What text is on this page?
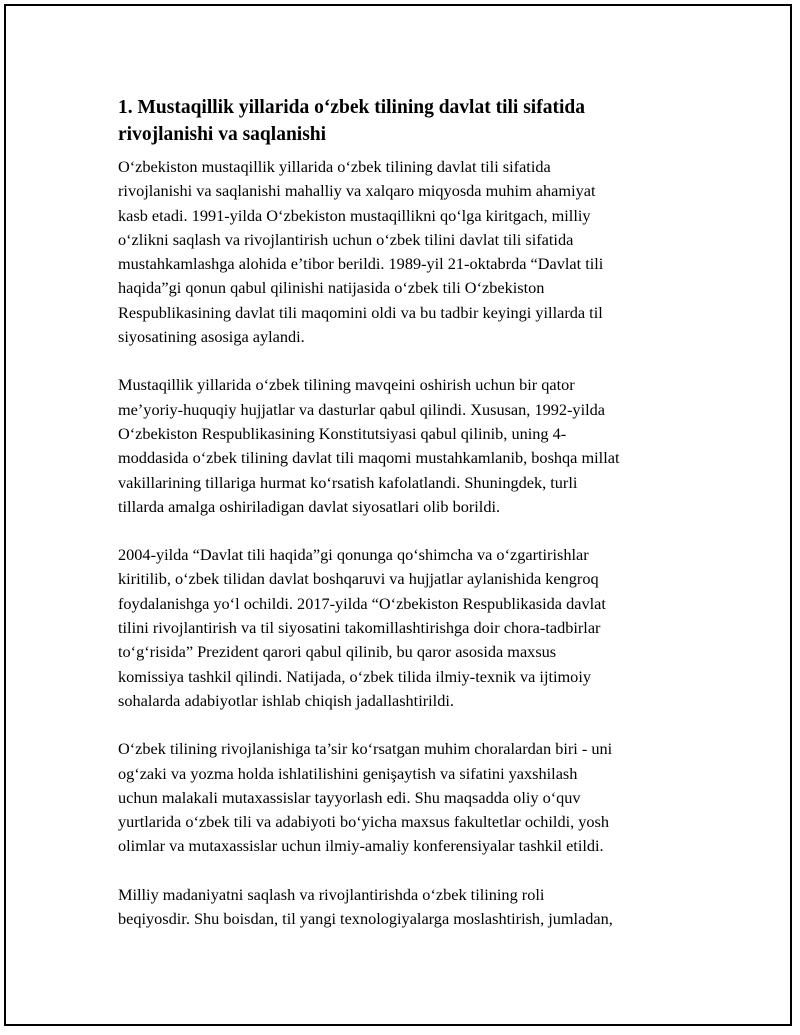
1. Mustaqillik yillarida o‘zbek tilining davlat tili sifatida
rivojlanishi va saqlanishi
O‘zbekiston mustaqillik yillarida o‘zbek tilining davlat tili sifatida
rivojlanishi va saqlanishi mahalliy va xalqaro miqyosda muhim ahamiyat
kasb etadi. 1991-yilda O‘zbekiston mustaqillikni qo‘lga kiritgach, milliy
o‘zlikni saqlash va rivojlantirish uchun o‘zbek tilini davlat tili sifatida
mustahkamlashga alohida e’tibor berildi. 1989-yil 21-oktabrda “Davlat tili
haqida”gi qonun qabul qilinishi natijasida o‘zbek tili O‘zbekiston
Respublikasining davlat tili maqomini oldi va bu tadbir keyingi yillarda til
siyosatining asosiga aylandi.
Mustaqillik yillarida o‘zbek tilining mavqeini oshirish uchun bir qator
me’yoriy-huquqiy hujjatlar va dasturlar qabul qilindi. Xususan, 1992-yilda
O‘zbekiston Respublikasining Konstitutsiyasi qabul qilinib, uning 4-
moddasida o‘zbek tilining davlat tili maqomi mustahkamlanib, boshqa millat
vakillarining tillariga hurmat ko‘rsatish kafolatlandi. Shuningdek, turli
tillarda amalga oshiriladigan davlat siyosatlari olib borildi.
2004-yilda “Davlat tili haqida”gi qonunga qo‘shimcha va o‘zgartirishlar
kiritilib, o‘zbek tilidan davlat boshqaruvi va hujjatlar aylanishida kengroq
foydalanishga yo‘l ochildi. 2017-yilda “O‘zbekiston Respublikasida davlat
tilini rivojlantirish va til siyosatini takomillashtirishga doir chora-tadbirlar
to‘g‘risida” Prezident qarori qabul qilinib, bu qaror asosida maxsus
komissiya tashkil qilindi. Natijada, o‘zbek tilida ilmiy-texnik va ijtimoiy
sohalarda adabiyotlar ishlab chiqish jadallashtirildi.
O‘zbek tilining rivojlanishiga ta’sir ko‘rsatgan muhim choralardan biri - uni
og‘zaki va yozma holda ishlatilishini genişaytish va sifatini yaxshilash
uchun malakali mutaxassislar tayyorlash edi. Shu maqsadda oliy o‘quv
yurtlarida o‘zbek tili va adabiyoti bo‘yicha maxsus fakultetlar ochildi, yosh
olimlar va mutaxassislar uchun ilmiy-amaliy konferensiyalar tashkil etildi.
Milliy madaniyatni saqlash va rivojlantirishda o‘zbek tilining roli
beqiyosdir. Shu boisdan, til yangi texnologiyalarga moslashtirish, jumladan,
